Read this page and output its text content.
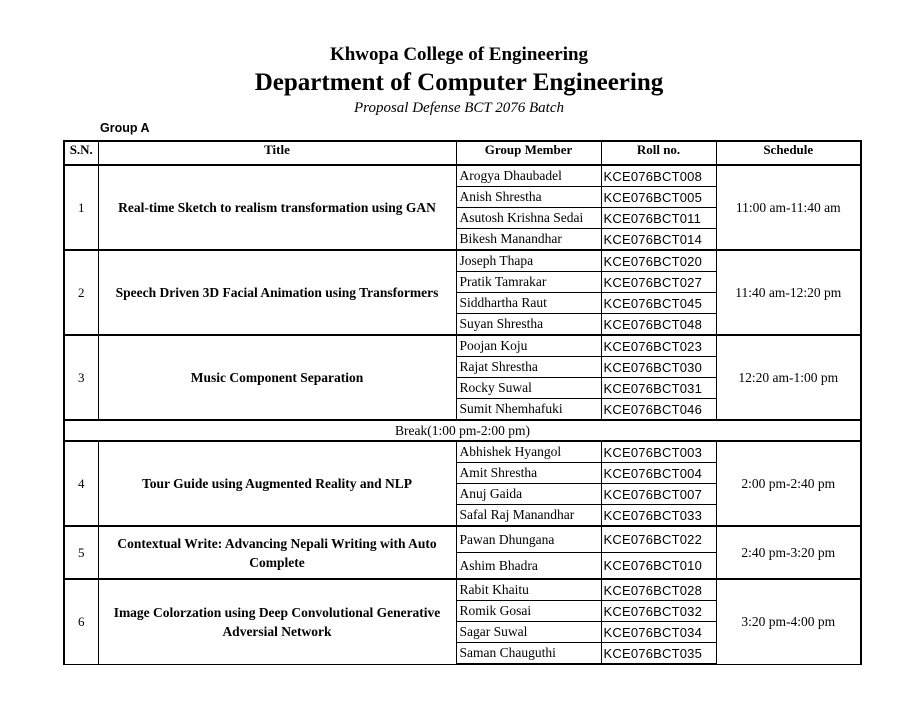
Khwopa College of Engineering
Department of Computer Engineering
Proposal Defense BCT 2076 Batch
Group A
S.N.	Title	Group Member	Roll no.	Schedule
1	Real-time Sketch to realism transformation using GAN	Arogya Dhaubadel	KCE076BCT008	11:00 am-11:40 am
		Anish Shrestha	KCE076BCT005	
		Asutosh Krishna Sedai	KCE076BCT011	
		Bikesh Manandhar	KCE076BCT014	
2	Speech Driven 3D Facial Animation using Transformers	Joseph Thapa	KCE076BCT020	11:40 am-12:20 pm
		Pratik Tamrakar	KCE076BCT027	
		Siddhartha Raut	KCE076BCT045	
		Suyan Shrestha	KCE076BCT048	
3	Music Component Separation	Poojan Koju	KCE076BCT023	12:20 am-1:00 pm
		Rajat Shrestha	KCE076BCT030	
		Rocky Suwal	KCE076BCT031	
		Sumit Nhemhafuki	KCE076BCT046	
Break(1:00 pm-2:00 pm)				
4	Tour Guide using Augmented Reality and NLP	Abhishek Hyangol	KCE076BCT003	2:00 pm-2:40 pm
		Amit Shrestha	KCE076BCT004	
		Anuj Gaida	KCE076BCT007	
		Safal Raj Manandhar	KCE076BCT033	
5	Contextual Write: Advancing Nepali Writing with Auto Complete	Pawan Dhungana	KCE076BCT022	2:40 pm-3:20 pm
		Ashim Bhadra	KCE076BCT010	
6	Image Colorzation using Deep Convolutional Generative Adversial Network	Rabit Khaitu	KCE076BCT028	3:20 pm-4:00 pm
		Romik Gosai	KCE076BCT032	
		Sagar Suwal	KCE076BCT034	
		Saman Chauguthi	KCE076BCT035	
